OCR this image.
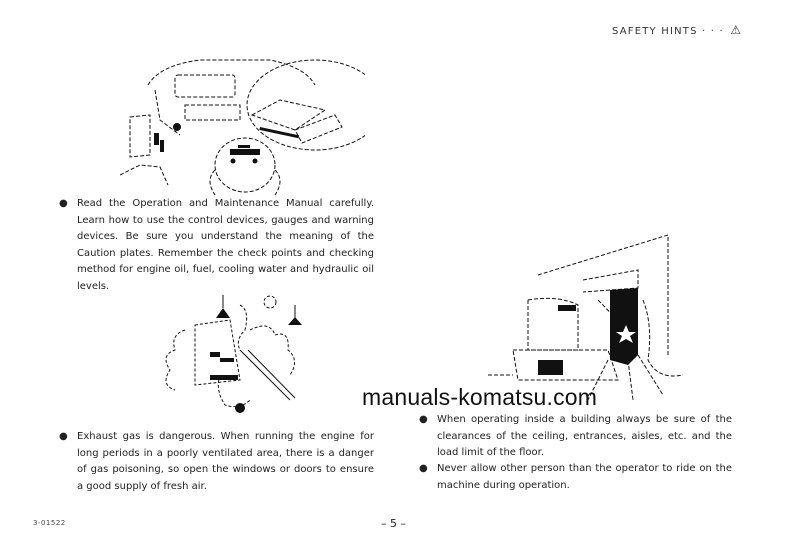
SAFETY HINTS · · · ⚠
● Read the Operation and Maintenance Manual carefully. Learn how to use the control devices, gauges and warning devices. Be sure you understand the meaning of the Caution plates. Remember the check points and checking method for engine oil, fuel, cooling water and hydraulic oil levels.
● Exhaust gas is dangerous. When running the engine for long periods in a poorly ventilated area, there is a danger of gas poisoning, so open the windows or doors to ensure a good supply of fresh air.
manuals-komatsu.com
● When operating inside a building always be sure of the clearances of the ceiling, entrances, aisles, etc. and the load limit of the floor.
● Never allow other person than the operator to ride on the machine during operation.
3-01522	– 5 –
